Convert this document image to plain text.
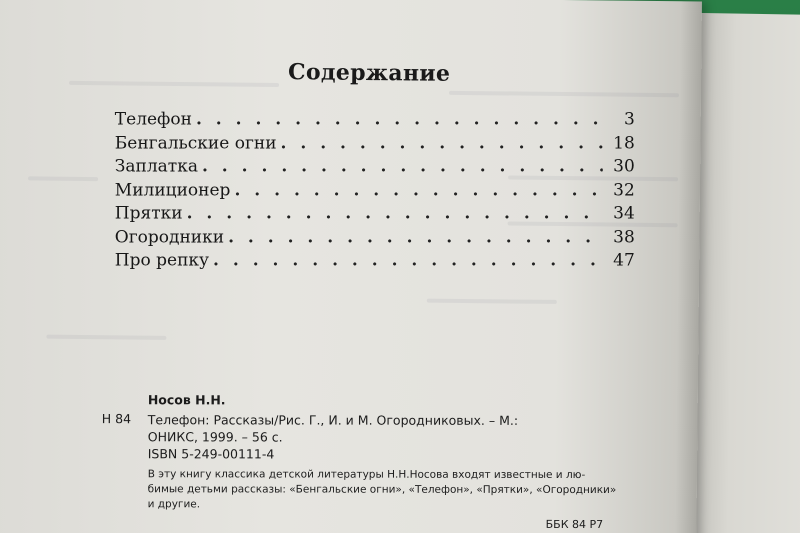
Содержание
Телефон . . .	3
Бенгальские огни . . .	18
Заплатка . . .	30
Милиционер . . .	32
Прятки . . .	34
Огородники . . .	38
Про репку . . .	47
Носов Н.Н.
Н 84 Телефон: Рассказы/Рис. Г., И. и М. Огородниковых. – М.:
ОНИКС, 1999. – 56 с.
ISBN 5-249-00111-4
В эту книгу классика детской литературы Н.Н.Носова входят известные и лю-
бимые детьми рассказы: «Бенгальские огни», «Телефон», «Прятки», «Огородники»
и другие.
ББК 84 Р7
